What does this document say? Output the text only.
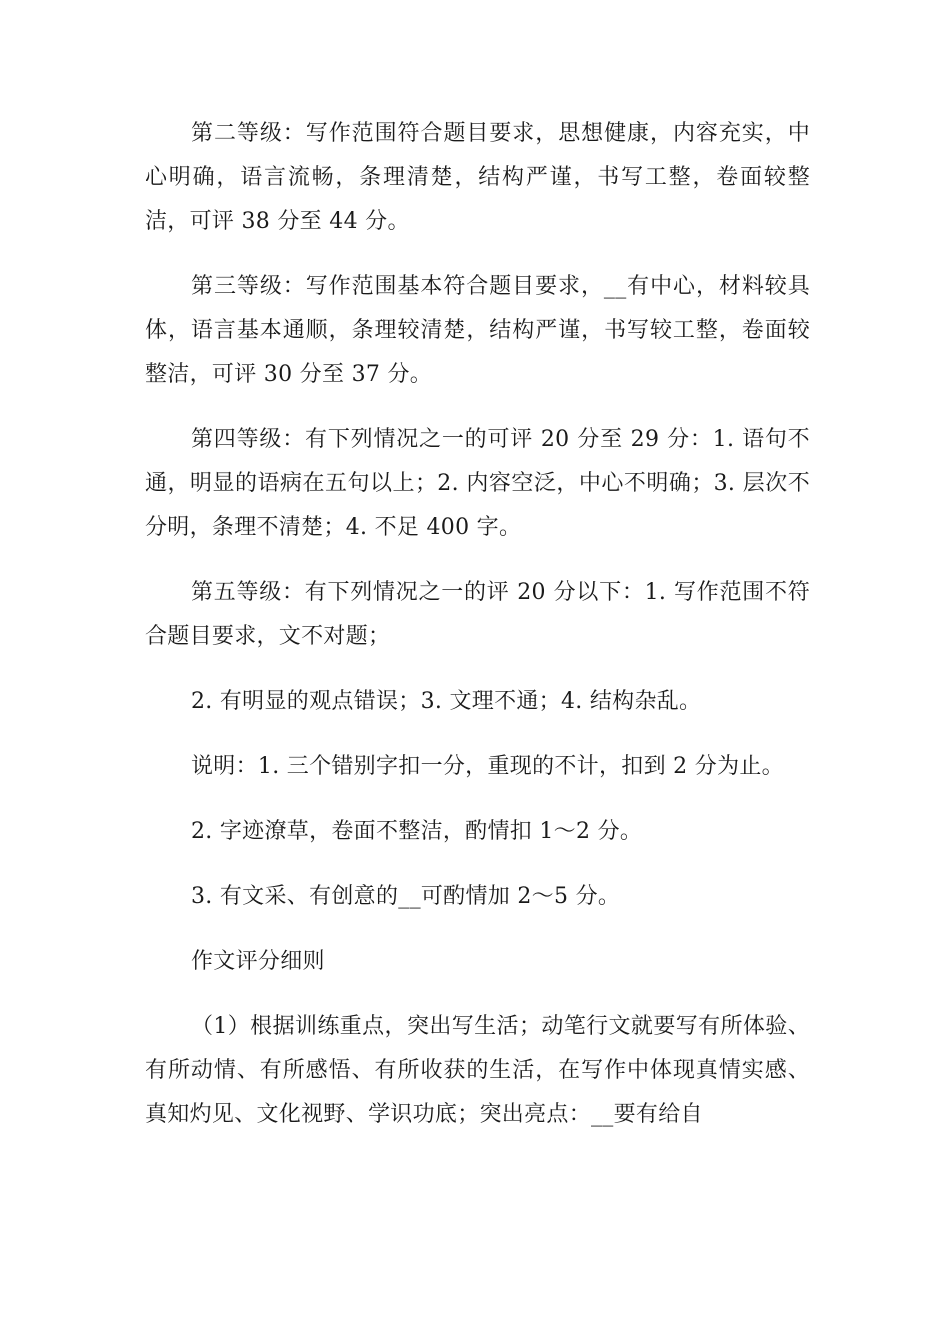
第二等级：写作范围符合题目要求，思想健康，内容充实，中心明确，语言流畅，条理清楚，结构严谨，书写工整，卷面较整洁，可评 38 分至 44 分。

第三等级：写作范围基本符合题目要求，__有中心，材料较具体，语言基本通顺，条理较清楚，结构严谨，书写较工整，卷面较整洁，可评 30 分至 37 分。

第四等级：有下列情况之一的可评 20 分至 29 分：1. 语句不通，明显的语病在五句以上；2. 内容空泛，中心不明确；3. 层次不分明，条理不清楚；4. 不足 400 字。

第五等级：有下列情况之一的评 20 分以下：1. 写作范围不符合题目要求，文不对题；

2. 有明显的观点错误；3. 文理不通；4. 结构杂乱。

说明：1. 三个错别字扣一分，重现的不计，扣到 2 分为止。

2. 字迹潦草，卷面不整洁，酌情扣 1～2 分。

3. 有文采、有创意的__可酌情加 2～5 分。

作文评分细则

（1）根据训练重点，突出写生活；动笔行文就要写有所体验、有所动情、有所感悟、有所收获的生活，在写作中体现真情实感、真知灼见、文化视野、学识功底；突出亮点：__要有给自
